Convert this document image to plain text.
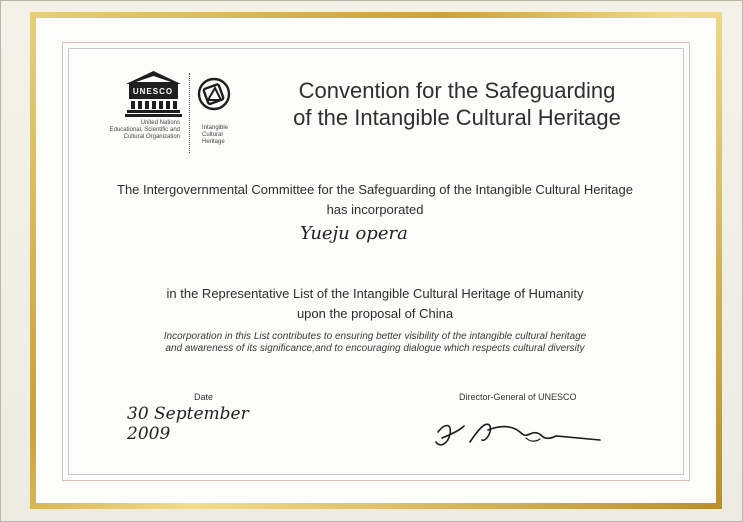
UNESCO
United Nations
Educational, Scientific and
Cultural Organization
Intangible
Cultural
Heritage
Convention for the Safeguarding
of the Intangible Cultural Heritage
The Intergovernmental Committee for the Safeguarding of the Intangible Cultural Heritage
has incorporated
Yueju opera
in the Representative List of the Intangible Cultural Heritage of Humanity
upon the proposal of China
Incorporation in this List contributes to ensuring better visibility of the intangible cultural heritage
and awareness of its significance,and to encouraging dialogue which respects cultural diversity
Date
30 September 2009
Director-General of UNESCO
